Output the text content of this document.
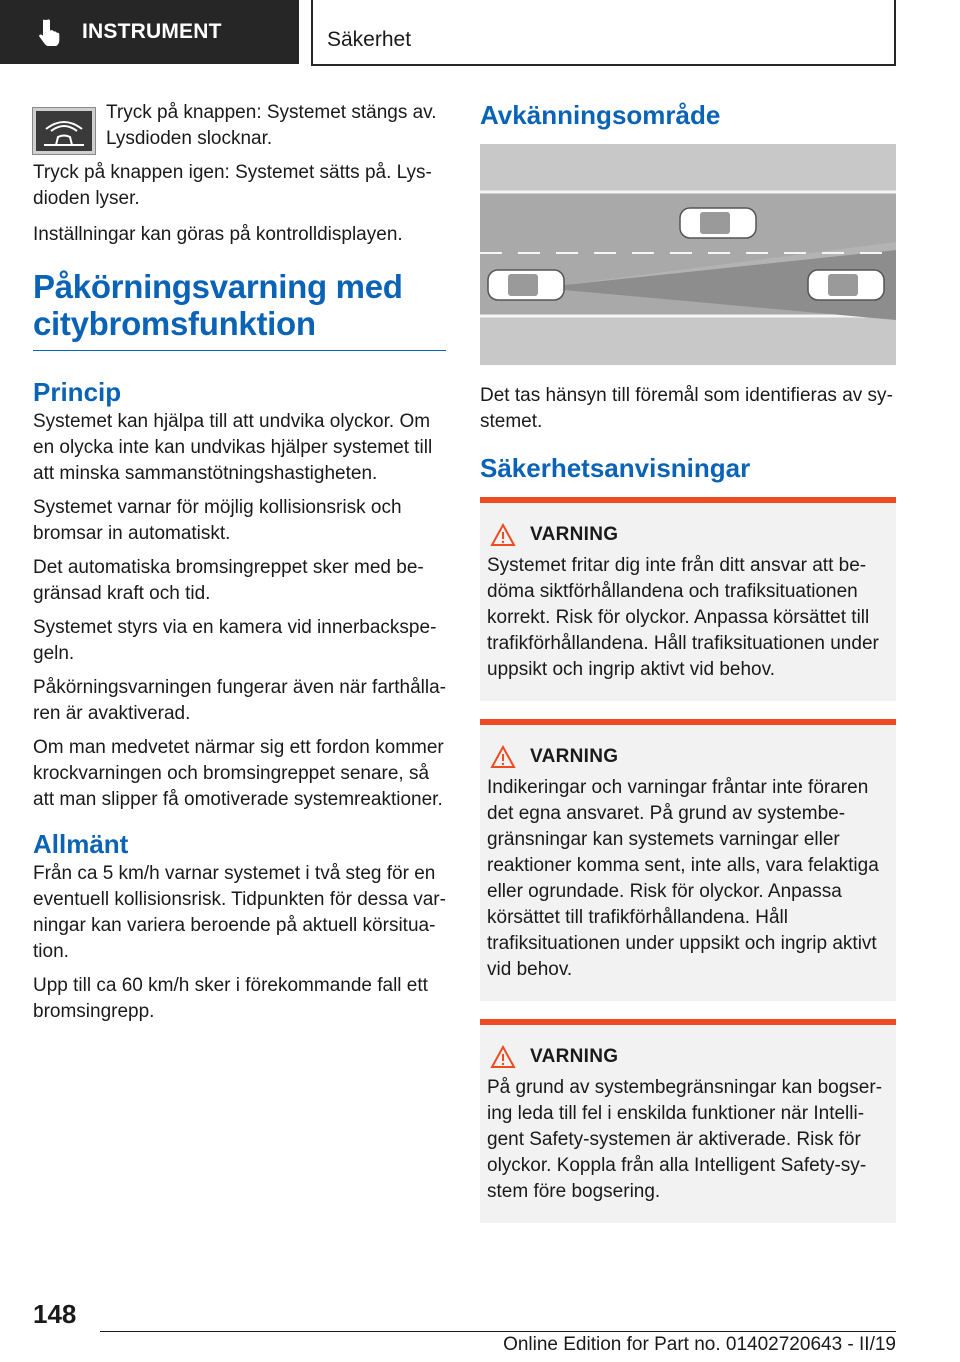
INSTRUMENT	Säkerhet

Tryck på knappen: Systemet stängs av. Lysdioden slocknar.

Tryck på knappen igen: Systemet sätts på. Lysdioden lyser.

Inställningar kan göras på kontrolldisplayen.

Påkörningsvarning med citybromsfunktion
Princip

Systemet kan hjälpa till att undvika olyckor. Om en olycka inte kan undvikas hjälper systemet till att minska sammanstötningshastigheten.

Systemet varnar för möjlig kollisionsrisk och bromsar in automatiskt.

Det automatiska bromsingreppet sker med begränsad kraft och tid.

Systemet styrs via en kamera vid innerbackspegeln.

Påkörningsvarningen fungerar även när farthållaren är avaktiverad.

Om man medvetet närmar sig ett fordon kommer krockvarningen och bromsingreppet senare, så att man slipper få omotiverade systemreaktioner.

Allmänt

Från ca 5 km/h varnar systemet i två steg för en eventuell kollisionsrisk. Tidpunkten för dessa varningar kan variera beroende på aktuell körsituation.

Upp till ca 60 km/h sker i förekommande fall ett bromsingrepp.

Avkänningsområde

Det tas hänsyn till föremål som identifieras av systemet.

Säkerhetsanvisningar
VARNING

Systemet fritar dig inte från ditt ansvar att bedöma siktförhållandena och trafiksituationen korrekt. Risk för olyckor. Anpassa körsättet till trafikförhållandena. Håll trafiksituationen under uppsikt och ingrip aktivt vid behov.

VARNING

Indikeringar och varningar fråntar inte föraren det egna ansvaret. På grund av systembegränsningar kan systemets varningar eller reaktioner komma sent, inte alls, vara felaktiga eller ogrundade. Risk för olyckor. Anpassa körsättet till trafikförhållandena. Håll trafiksituationen under uppsikt och ingrip aktivt vid behov.

VARNING

På grund av systembegränsningar kan bogsering leda till fel i enskilda funktioner när Intelligent Safety-systemen är aktiverade. Risk för olyckor. Koppla från alla Intelligent Safety-system före bogsering.

148
Online Edition for Part no. 01402720643 - II/19
